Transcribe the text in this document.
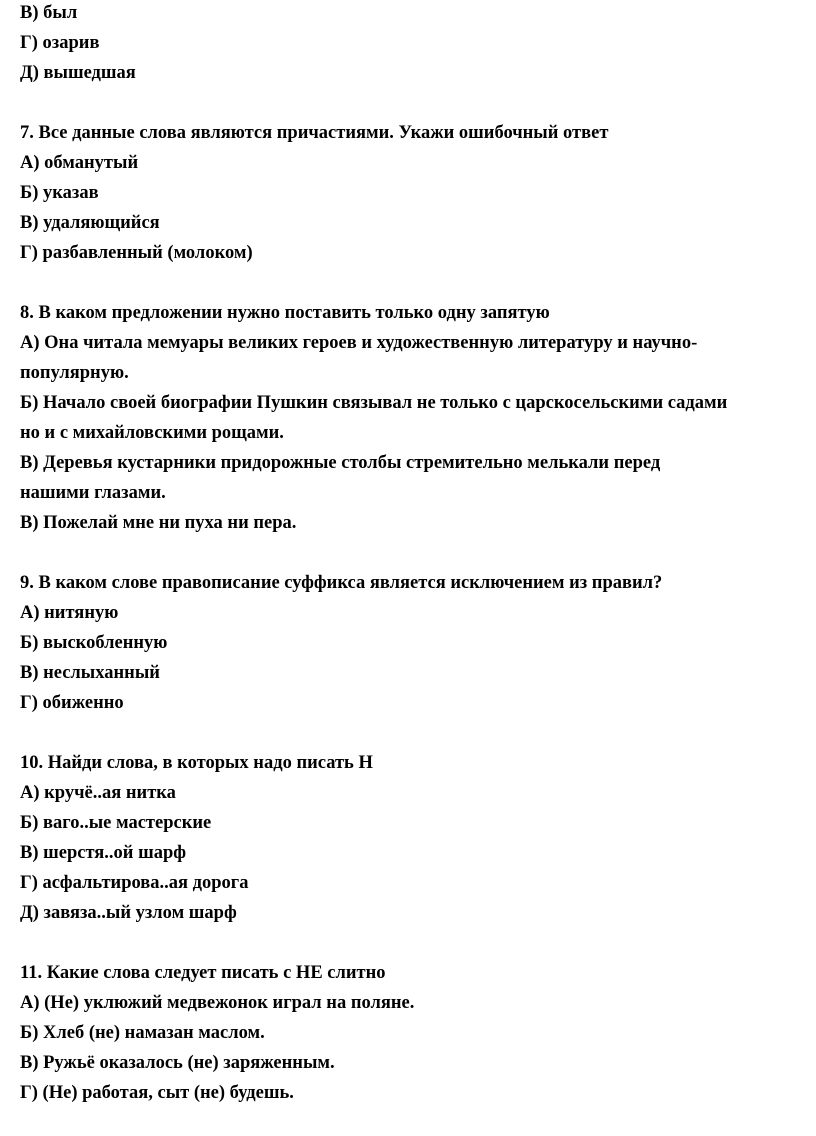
В) был
Г) озарив
Д) вышедшая
7. Все данные слова являются причастиями. Укажи ошибочный ответ
А) обманутый
Б) указав
В) удаляющийся
Г) разбавленный (молоком)
8. В каком предложении нужно поставить только одну запятую
А) Она читала мемуары великих героев и художественную литературу и научно-
популярную.
Б) Начало своей биографии Пушкин связывал не только с царскосельскими садами
но и с михайловскими рощами.
В) Деревья кустарники придорожные столбы стремительно мелькали перед
нашими глазами.
В) Пожелай мне ни пуха ни пера.
9. В каком слове правописание суффикса является исключением из правил?
А) нитяную
Б) выскобленную
В) неслыханный
Г) обиженно
10. Найди слова, в которых надо писать Н
А) кручё..ая нитка
Б) ваго..ые мастерские
В) шерстя..ой шарф
Г) асфальтирова..ая дорога
Д) завяза..ый узлом шарф
11. Какие слова следует писать с НЕ слитно
А) (Не) уклюжий медвежонок играл на поляне.
Б) Хлеб (не) намазан маслом.
В) Ружьё оказалось (не) заряженным.
Г) (Не) работая, сыт (не) будешь.
